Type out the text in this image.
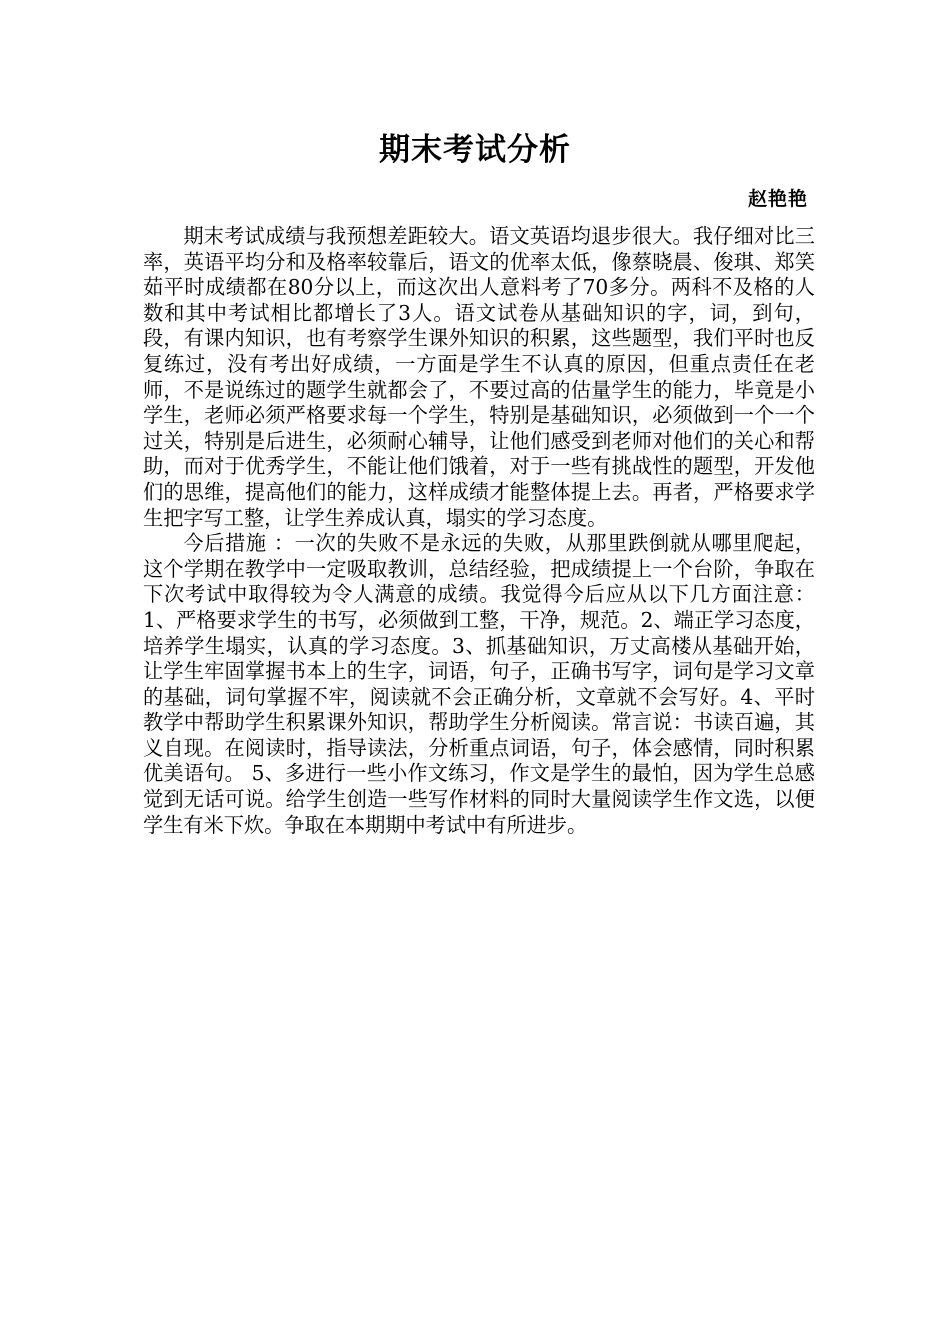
期末考试分析
赵艳艳

期末考试成绩与我预想差距较大。语文英语均退步很大。我仔细对比三率，英语平均分和及格率较靠后，语文的优率太低，像蔡晓晨、俊琪、郑笑茹平时成绩都在80分以上，而这次出人意料考了70多分。两科不及格的人数和其中考试相比都增长了3人。语文试卷从基础知识的字，词，到句，段，有课内知识，也有考察学生课外知识的积累，这些题型，我们平时也反复练过，没有考出好成绩，一方面是学生不认真的原因，但重点责任在老师，不是说练过的题学生就都会了，不要过高的估量学生的能力，毕竟是小学生，老师必须严格要求每一个学生，特别是基础知识，必须做到一个一个过关，特别是后进生，必须耐心辅导，让他们感受到老师对他们的关心和帮助，而对于优秀学生，不能让他们饿着，对于一些有挑战性的题型，开发他们的思维，提高他们的能力，这样成绩才能整体提上去。再者，严格要求学生把字写工整，让学生养成认真，塌实的学习态度。

今后措施 ：一次的失败不是永远的失败，从那里跌倒就从哪里爬起，这个学期在教学中一定吸取教训，总结经验，把成绩提上一个台阶，争取在下次考试中取得较为令人满意的成绩。我觉得今后应从以下几方面注意：1、严格要求学生的书写，必须做到工整，干净，规范。2、端正学习态度，培养学生塌实，认真的学习态度。3、抓基础知识，万丈高楼从基础开始，让学生牢固掌握书本上的生字，词语，句子，正确书写字，词句是学习文章的基础，词句掌握不牢，阅读就不会正确分析，文章就不会写好。4、平时教学中帮助学生积累课外知识，帮助学生分析阅读。常言说：书读百遍，其义自现。在阅读时，指导读法，分析重点词语，句子，体会感情，同时积累优美语句。 5、多进行一些小作文练习，作文是学生的最怕，因为学生总感觉到无话可说。给学生创造一些写作材料的同时大量阅读学生作文选，以便学生有米下炊。争取在本期期中考试中有所进步。
